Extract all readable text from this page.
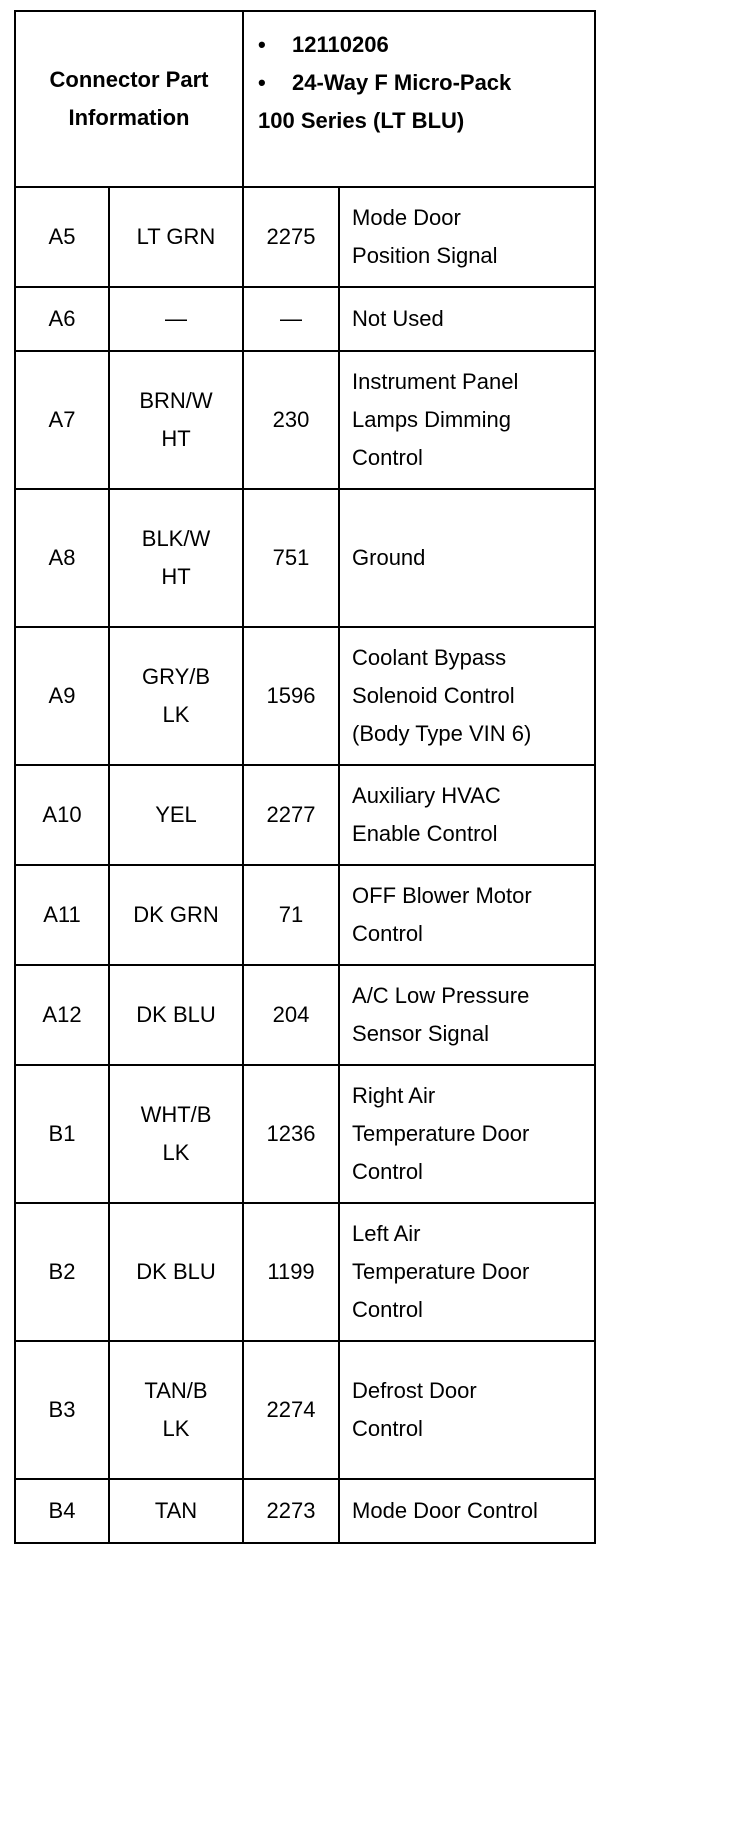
Connector Part
Information		• 12110206
• 24-Way F Micro-Pack
100 Series (LT BLU)	

A5	LT GRN	2275	Mode Door
Position Signal

A6	—	—	Not Used

A7	BRN/W
HT	230	Instrument Panel
Lamps Dimming
Control

A8	BLK/W
HT	751	Ground

A9	GRY/B
LK	1596	Coolant Bypass
Solenoid Control
(Body Type VIN 6)

A10	YEL	2277	Auxiliary HVAC
Enable Control

A11	DK GRN	71	OFF Blower Motor
Control

A12	DK BLU	204	A/C Low Pressure
Sensor Signal

B1	WHT/B
LK	1236	Right Air
Temperature Door
Control

B2	DK BLU	1199	Left Air
Temperature Door
Control

B3	TAN/B
LK	2274	Defrost Door
Control

B4	TAN	2273	Mode Door Control
